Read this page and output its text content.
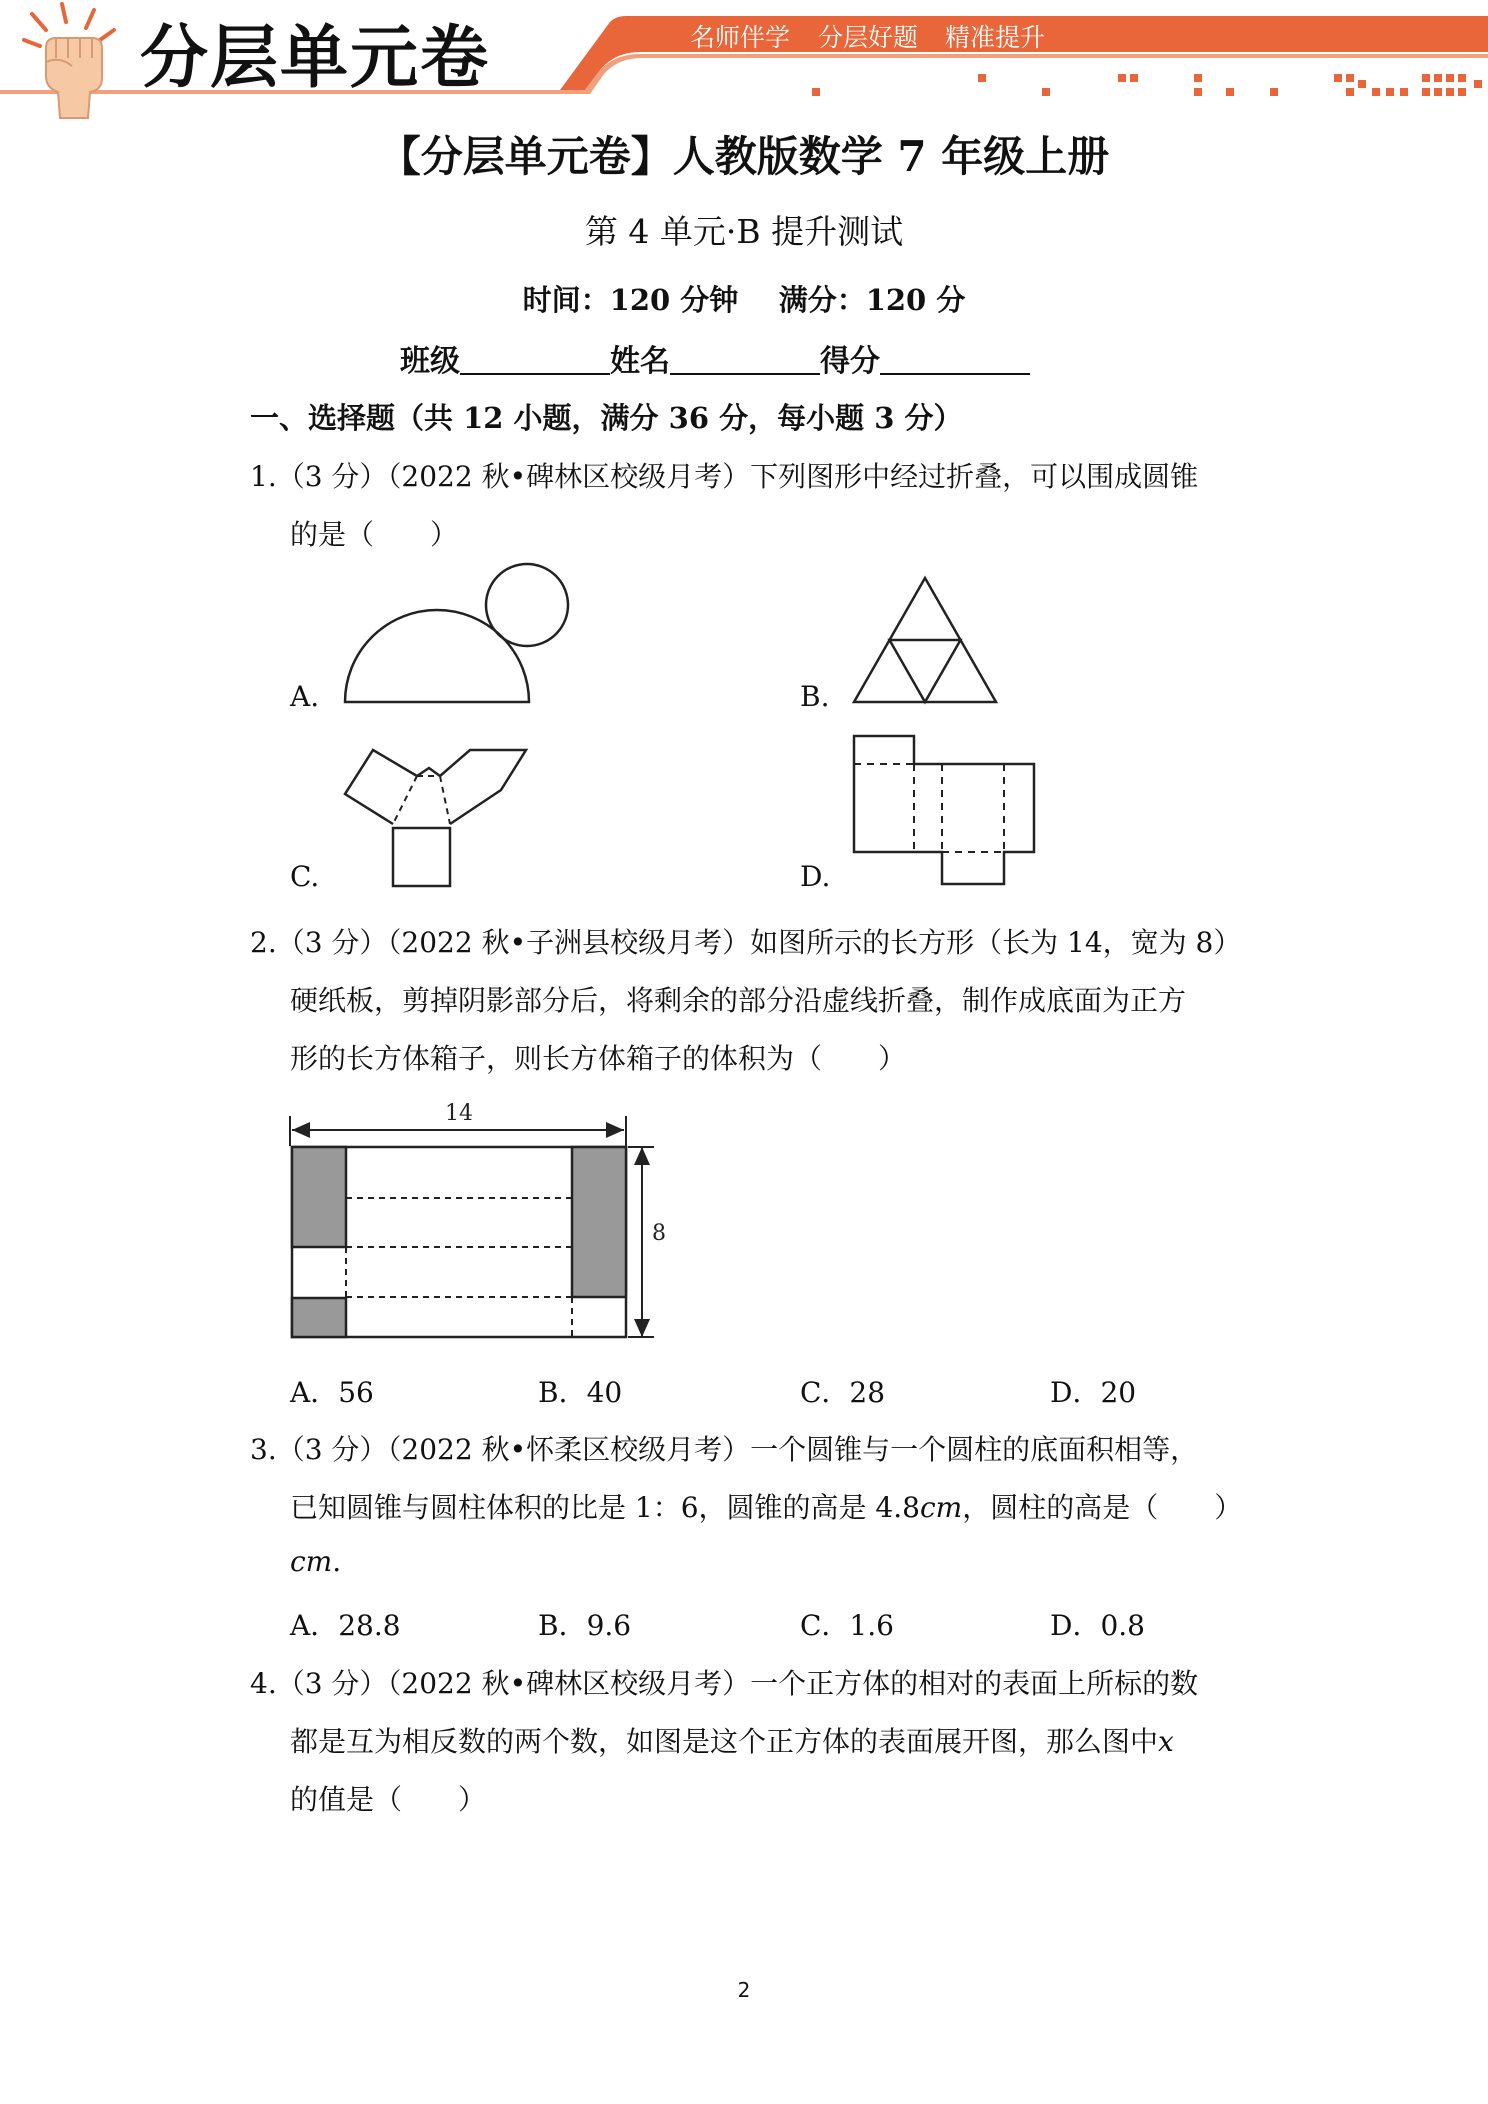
分层单元卷	名师伴学 分层好题 精准提升
【分层单元卷】人教版数学 7 年级上册
第 4 单元·B 提升测试
时间：120 分钟 满分：120 分
班级	姓名	得分
一、选择题（共 12 小题，满分 36 分，每小题 3 分）
1.（3 分）（2022 秋•碑林区校级月考）下列图形中经过折叠，可以围成圆锥
的是（　　）
A.	B.
C.	D.
2.（3 分）（2022 秋•子洲县校级月考）如图所示的长方形（长为 14，宽为 8）
硬纸板，剪掉阴影部分后，将剩余的部分沿虚线折叠，制作成底面为正方
形的长方体箱子，则长方体箱子的体积为（　　）
14
8
A．56	B．40	C．28	D．20
3.（3 分）（2022 秋•怀柔区校级月考）一个圆锥与一个圆柱的底面积相等，
已知圆锥与圆柱体积的比是 1：6，圆锥的高是 4.8cm，圆柱的高是（　　）
cm.
A．28.8	B．9.6	C．1.6	D．0.8
4.（3 分）（2022 秋•碑林区校级月考）一个正方体的相对的表面上所标的数
都是互为相反数的两个数，如图是这个正方体的表面展开图，那么图中x
的值是（　　）
2
